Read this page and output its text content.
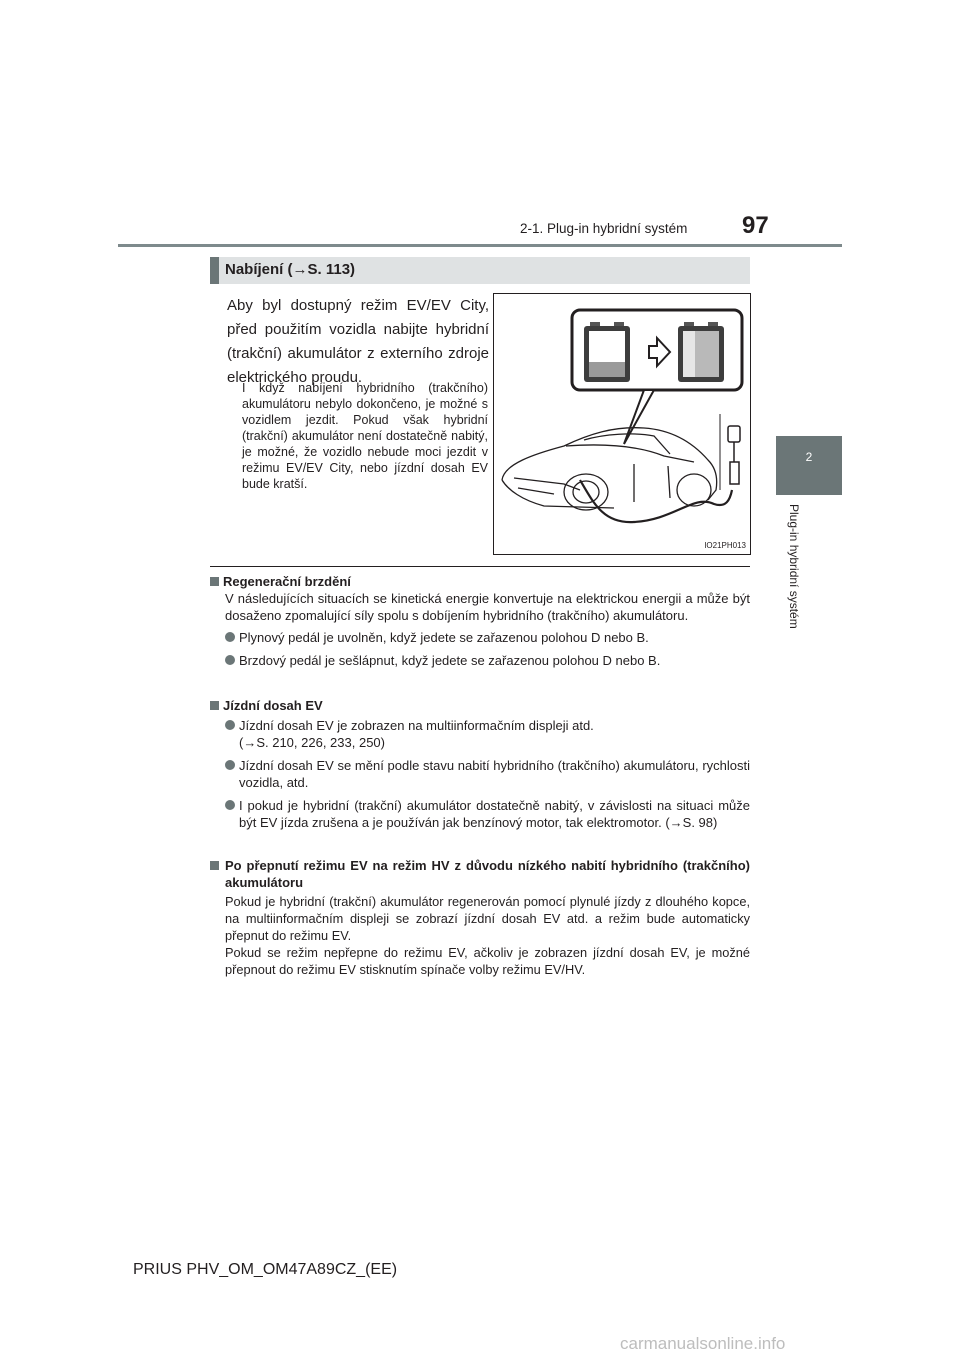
2-1. Plug-in hybridní systém 97
2
Plug-in hybridní systém
Nabíjení (→S. 113)
Aby byl dostupný režim EV/EV City, před použitím vozidla nabijte hybridní (trakční) akumulátor z externího zdroje elektrického proudu.
I když nabíjení hybridního (trakčního) akumulátoru nebylo dokončeno, je možné s vozidlem jezdit. Pokud však hybridní (trakční) akumulátor není dostatečně nabitý, je možné, že vozidlo nebude moci jezdit v režimu EV/EV City, nebo jízdní dosah EV bude kratší.
IO21PH013
Regenerační brzdění
V následujících situacích se kinetická energie konvertuje na elektrickou energii a může být dosaženo zpomalující síly spolu s dobíjením hybridního (trakčního) akumulátoru.
Plynový pedál je uvolněn, když jedete se zařazenou polohou D nebo B.
Brzdový pedál je sešlápnut, když jedete se zařazenou polohou D nebo B.
Jízdní dosah EV
Jízdní dosah EV je zobrazen na multiinformačním displeji atd.
(→S. 210, 226, 233, 250)
Jízdní dosah EV se mění podle stavu nabití hybridního (trakčního) akumulátoru, rychlosti vozidla, atd.
I pokud je hybridní (trakční) akumulátor dostatečně nabitý, v závislosti na situaci může být EV jízda zrušena a je používán jak benzínový motor, tak elektromotor. (→S. 98)
Po přepnutí režimu EV na režim HV z důvodu nízkého nabití hybridního (trakčního) akumulátoru
Pokud je hybridní (trakční) akumulátor regenerován pomocí plynulé jízdy z dlouhého kopce, na multiinformačním displeji se zobrazí jízdní dosah EV atd. a režim bude automaticky přepnut do režimu EV.
Pokud se režim nepřepne do režimu EV, ačkoliv je zobrazen jízdní dosah EV, je možné přepnout do režimu EV stisknutím spínače volby režimu EV/HV.
PRIUS PHV_OM_OM47A89CZ_(EE)
carmanualsonline.info
